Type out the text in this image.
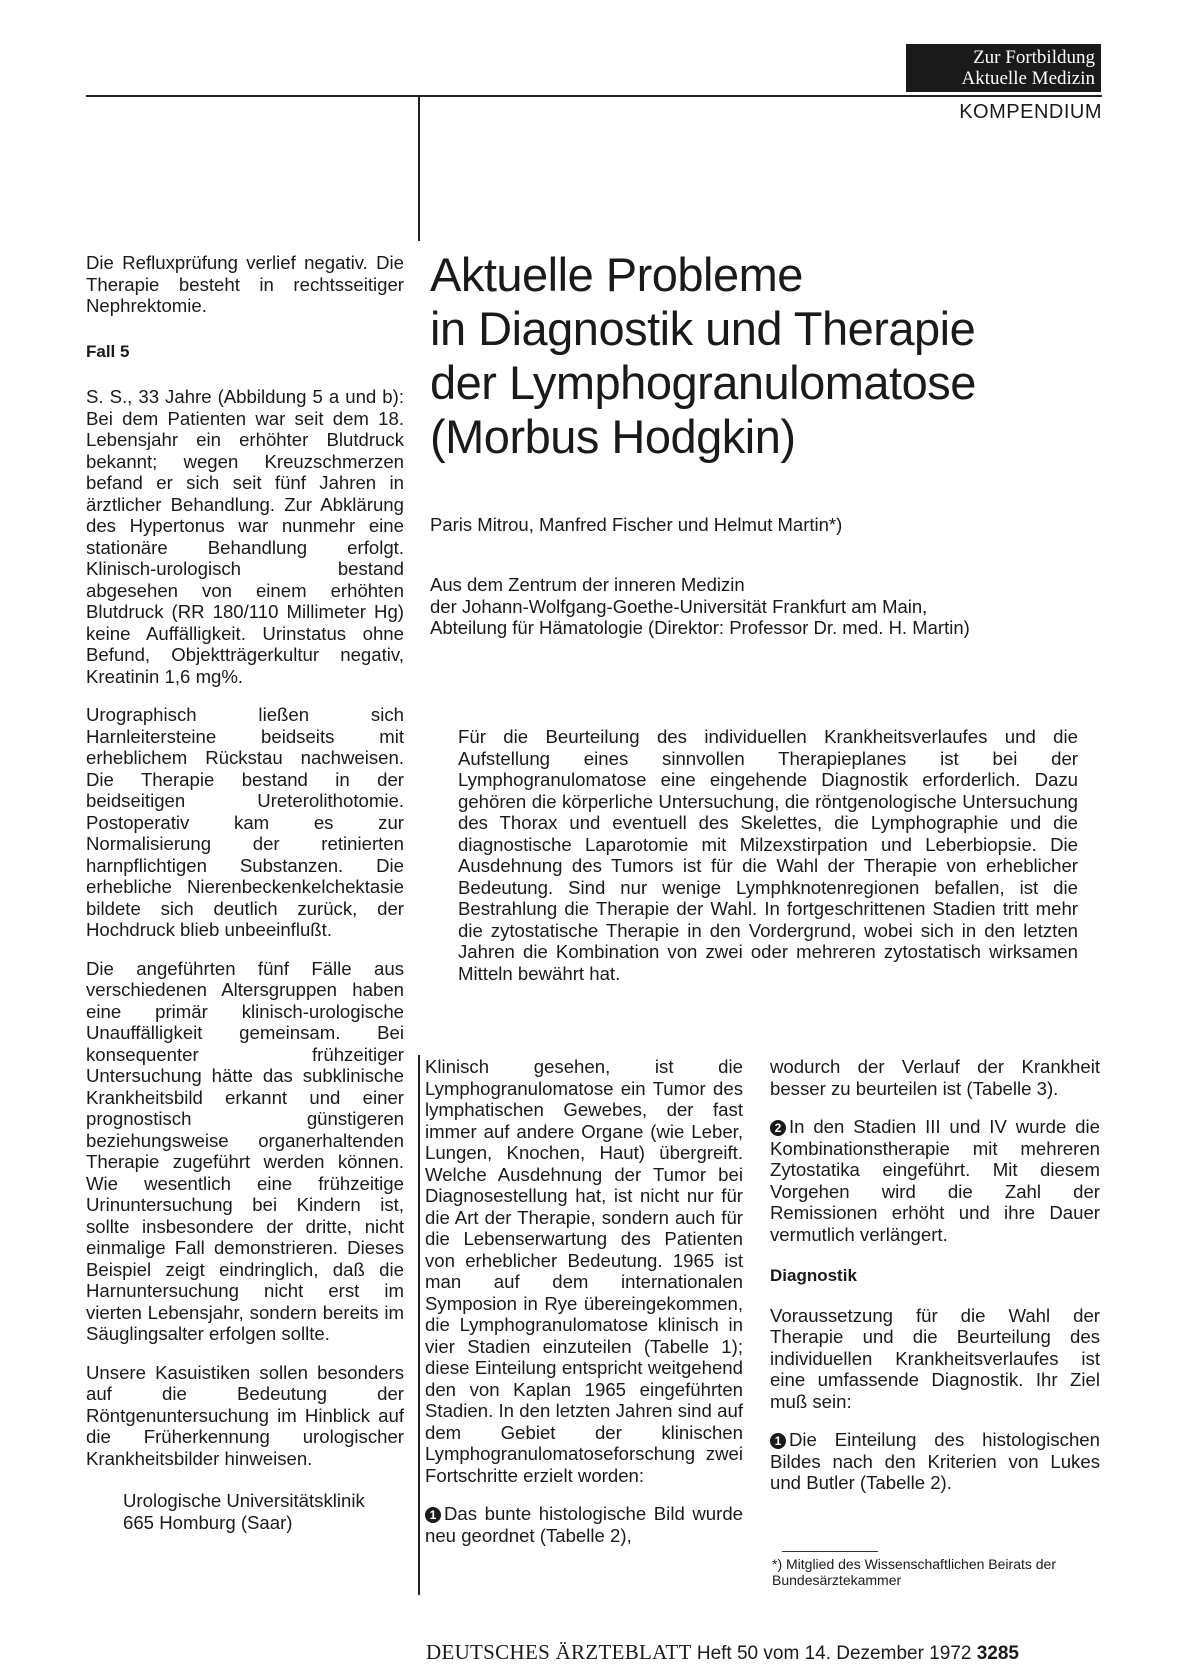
Zur Fortbildung
Aktuelle Medizin
KOMPENDIUM

Die Refluxprüfung verlief negativ. Die Therapie besteht in rechtsseitiger Nephrektomie.

Fall 5

S. S., 33 Jahre (Abbildung 5 a und b): Bei dem Patienten war seit dem 18. Lebensjahr ein erhöhter Blutdruck bekannt; wegen Kreuzschmerzen befand er sich seit fünf Jahren in ärztlicher Behandlung. Zur Abklärung des Hypertonus war nunmehr eine stationäre Behandlung erfolgt. Klinisch-urologisch bestand abgesehen von einem erhöhten Blutdruck (RR 180/110 Millimeter Hg) keine Auffälligkeit. Urinstatus ohne Befund, Objektträgerkultur negativ, Kreatinin 1,6 mg%.

Urographisch ließen sich Harnleitersteine beidseits mit erheblichem Rückstau nachweisen. Die Therapie bestand in der beidseitigen Ureterolithotomie. Postoperativ kam es zur Normalisierung der retinierten harnpflichtigen Substanzen. Die erhebliche Nierenbeckenkelchektasie bildete sich deutlich zurück, der Hochdruck blieb unbeeinflußt.

Die angeführten fünf Fälle aus verschiedenen Altersgruppen haben eine primär klinisch-urologische Unauffälligkeit gemeinsam. Bei konsequenter frühzeitiger Untersuchung hätte das subklinische Krankheitsbild erkannt und einer prognostisch günstigeren beziehungsweise organerhaltenden Therapie zugeführt werden können. Wie wesentlich eine frühzeitige Urinuntersuchung bei Kindern ist, sollte insbesondere der dritte, nicht einmalige Fall demonstrieren. Dieses Beispiel zeigt eindringlich, daß die Harnuntersuchung nicht erst im vierten Lebensjahr, sondern bereits im Säuglingsalter erfolgen sollte.

Unsere Kasuistiken sollen besonders auf die Bedeutung der Röntgenuntersuchung im Hinblick auf die Früherkennung urologischer Krankheitsbilder hinweisen.

Urologische Universitätsklinik
665 Homburg (Saar)
Aktuelle Probleme
in Diagnostik und Therapie
der Lymphogranulomatose
(Morbus Hodgkin)
Paris Mitrou, Manfred Fischer und Helmut Martin*)
Aus dem Zentrum der inneren Medizin
der Johann-Wolfgang-Goethe-Universität Frankfurt am Main,
Abteilung für Hämatologie (Direktor: Professor Dr. med. H. Martin)

Für die Beurteilung des individuellen Krankheitsverlaufes und die Aufstellung eines sinnvollen Therapieplanes ist bei der Lymphogranulomatose eine eingehende Diagnostik erforderlich. Dazu gehören die körperliche Untersuchung, die röntgenologische Untersuchung des Thorax und eventuell des Skelettes, die Lymphographie und die diagnostische Laparotomie mit Milzexstirpation und Leberbiopsie. Die Ausdehnung des Tumors ist für die Wahl der Therapie von erheblicher Bedeutung. Sind nur wenige Lymphknotenregionen befallen, ist die Bestrahlung die Therapie der Wahl. In fortgeschrittenen Stadien tritt mehr die zytostatische Therapie in den Vordergrund, wobei sich in den letzten Jahren die Kombination von zwei oder mehreren zytostatisch wirksamen Mitteln bewährt hat.

Klinisch gesehen, ist die Lymphogranulomatose ein Tumor des lymphatischen Gewebes, der fast immer auf andere Organe (wie Leber, Lungen, Knochen, Haut) übergreift. Welche Ausdehnung der Tumor bei Diagnosestellung hat, ist nicht nur für die Art der Therapie, sondern auch für die Lebenserwartung des Patienten von erheblicher Bedeutung. 1965 ist man auf dem internationalen Symposion in Rye übereingekommen, die Lymphogranulomatose klinisch in vier Stadien einzuteilen (Tabelle 1); diese Einteilung entspricht weitgehend den von Kaplan 1965 eingeführten Stadien. In den letzten Jahren sind auf dem Gebiet der klinischen Lymphogranulomatoseforschung zwei Fortschritte erzielt worden:

1 Das bunte histologische Bild wurde neu geordnet (Tabelle 2),

wodurch der Verlauf der Krankheit besser zu beurteilen ist (Tabelle 3).

2 In den Stadien III und IV wurde die Kombinationstherapie mit mehreren Zytostatika eingeführt. Mit diesem Vorgehen wird die Zahl der Remissionen erhöht und ihre Dauer vermutlich verlängert.

Diagnostik

Voraussetzung für die Wahl der Therapie und die Beurteilung des individuellen Krankheitsverlaufes ist eine umfassende Diagnostik. Ihr Ziel muß sein:

1 Die Einteilung des histologischen Bildes nach den Kriterien von Lukes und Butler (Tabelle 2).

*) Mitglied des Wissenschaftlichen Beirats der Bundesärztekammer
DEUTSCHES ÄRZTEBLATT Heft 50 vom 14. Dezember 1972 3285
